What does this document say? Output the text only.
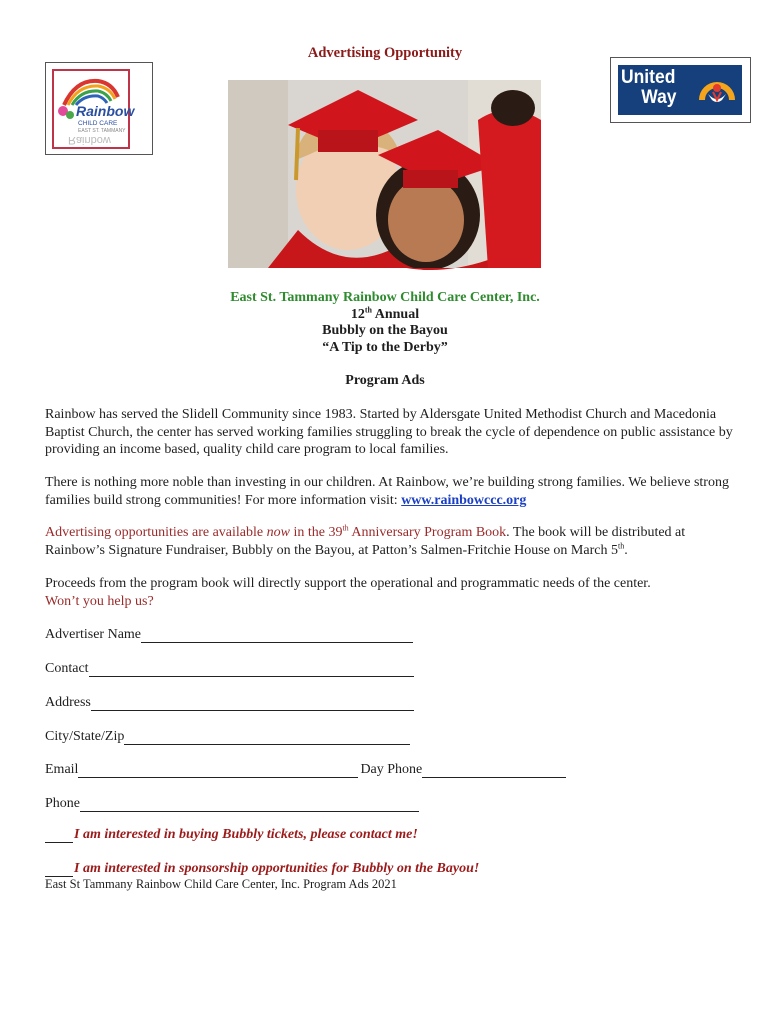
Advertising Opportunity
Rainbow
CHILD CARE
EAST ST. TAMMANY
Rainbow
United
Way
East St. Tammany Rainbow Child Care Center, Inc.
12th Annual
Bubbly on the Bayou
“A Tip to the Derby”
Program Ads
Rainbow has served the Slidell Community since 1983. Started by Aldersgate United Methodist Church and Macedonia Baptist Church, the center has served working families struggling to break the cycle of dependence on public assistance by providing an income based, quality child care program to local families.
There is nothing more noble than investing in our children. At Rainbow, we’re building strong families. We believe strong families build strong communities! For more information visit: www.rainbowccc.org
Advertising opportunities are available now in the 39th Anniversary Program Book. The book will be distributed at Rainbow’s Signature Fundraiser, Bubbly on the Bayou, at Patton’s Salmen-Fritchie House on March 5th.
Proceeds from the program book will directly support the operational and programmatic needs of the center.
Won’t you help us?
Advertiser Name
Contact
Address
City/State/Zip
Email	Day Phone
Phone
I am interested in buying Bubbly tickets, please contact me!
I am interested in sponsorship opportunities for Bubbly on the Bayou!
East St Tammany Rainbow Child Care Center, Inc. Program Ads 2021
